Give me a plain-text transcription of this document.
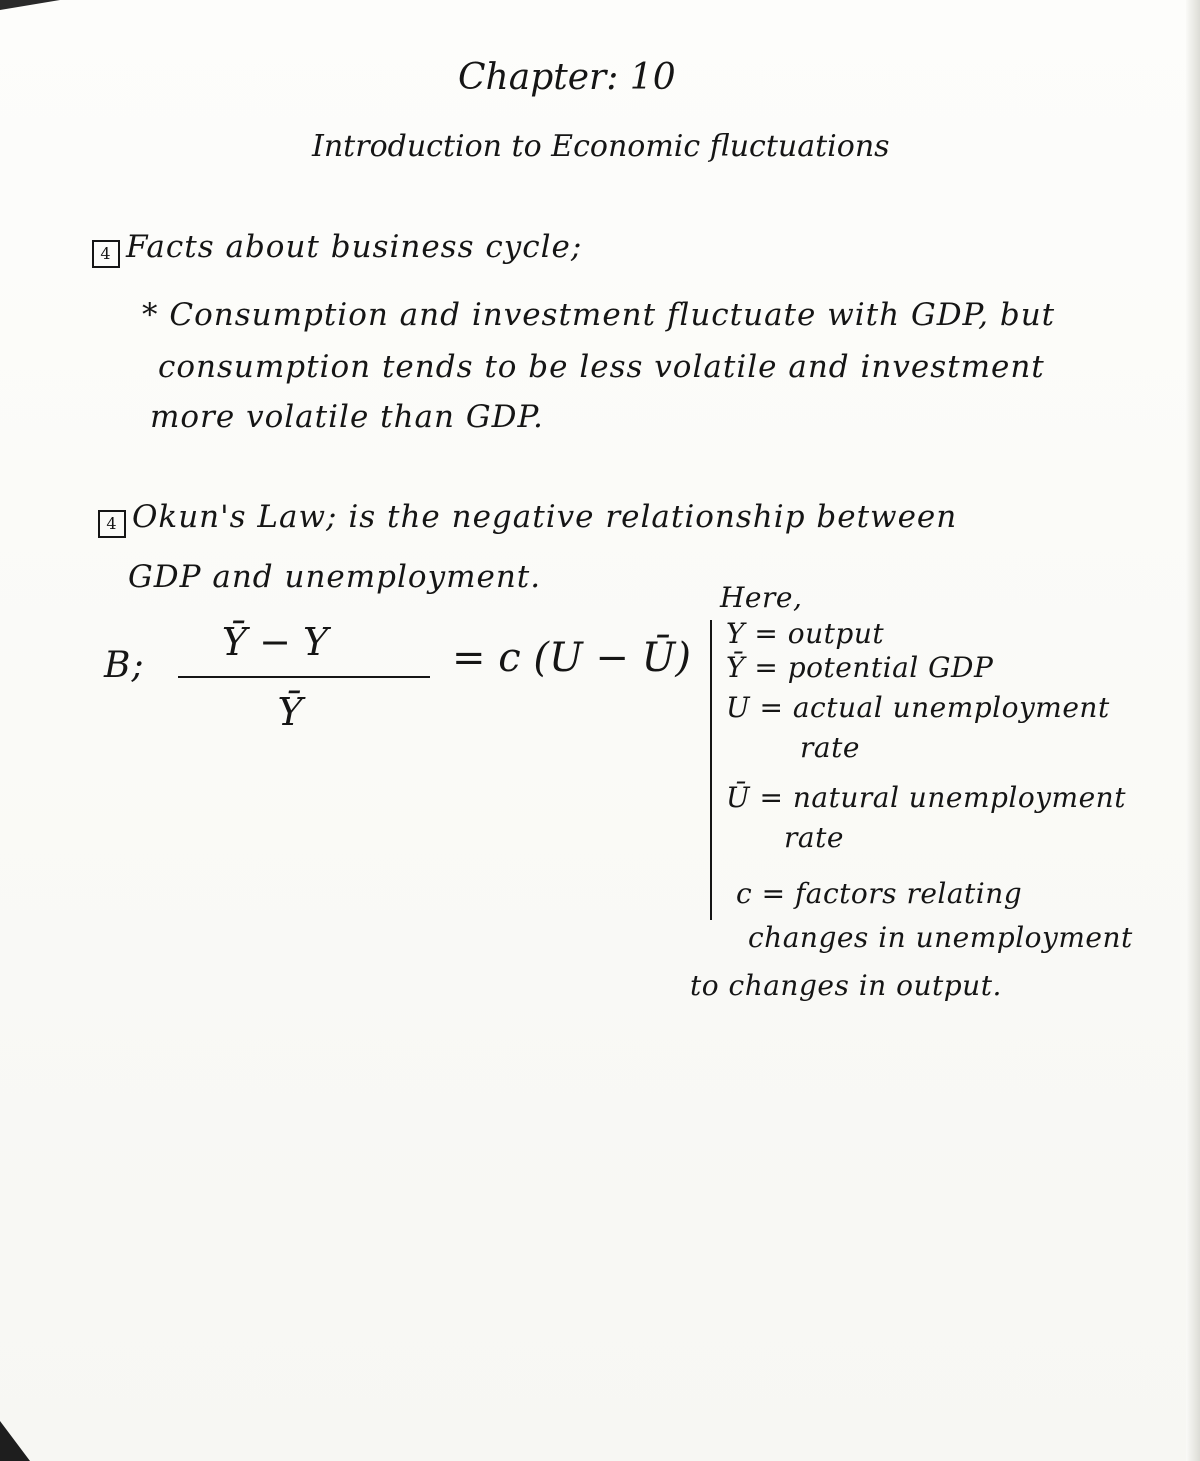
Chapter: 10
Introduction to Economic fluctuations
4 Facts about business cycle;
* Consumption and investment fluctuate with GDP, but
consumption tends to be less volatile and investment
more volatile than GDP.
4 Okun's Law; is the negative relationship between
GDP and unemployment.
B;
Ȳ − Y
Ȳ
= c (U − Ū)
Here,
Y = output
Ȳ = potential GDP
U = actual unemployment
rate
Ū = natural unemployment
rate
c = factors relating
changes in unemployment
to changes in output.
